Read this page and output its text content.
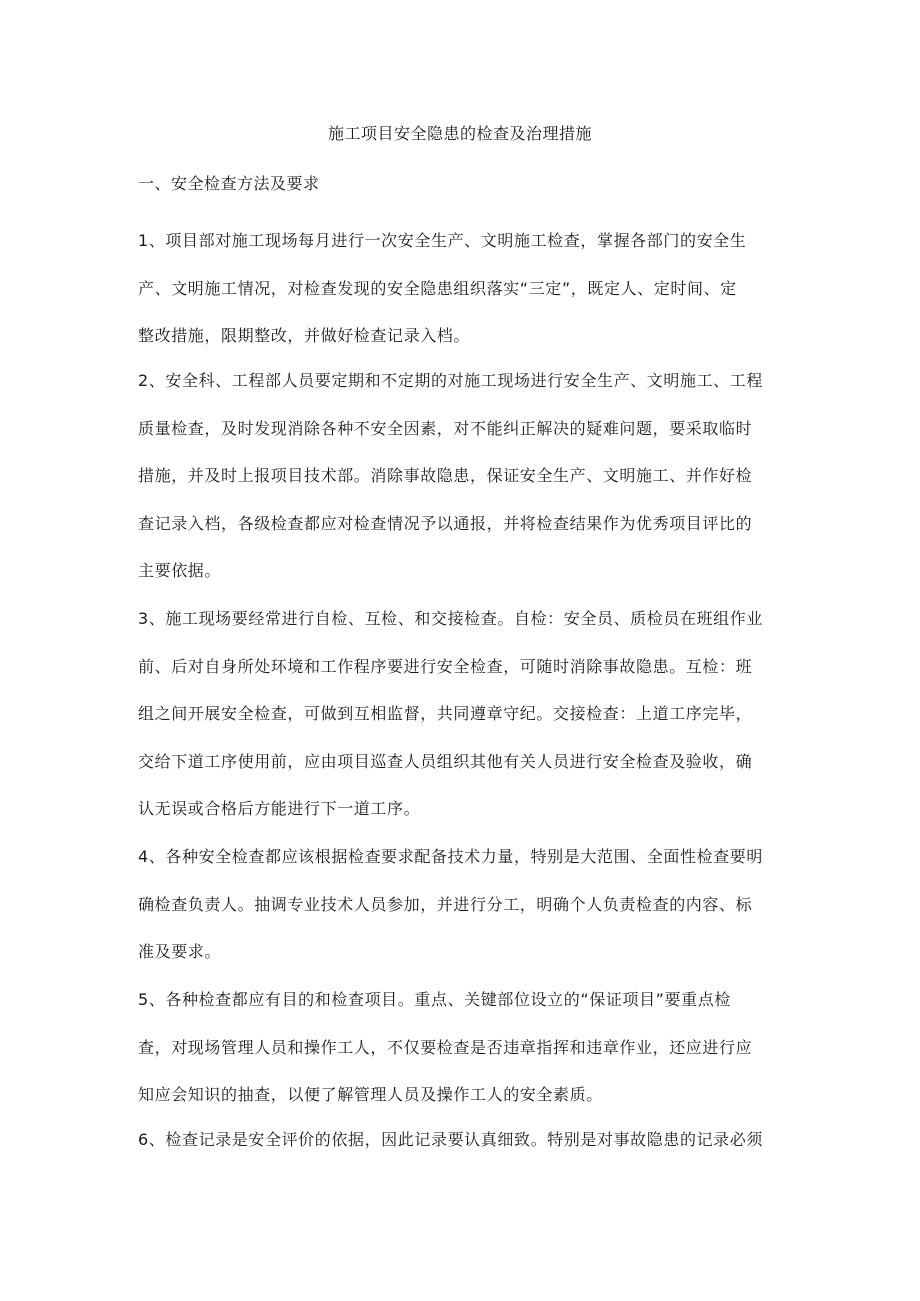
施工项目安全隐患的检查及治理措施
一、安全检查方法及要求

1、项目部对施工现场每月进行一次安全生产、文明施工检查，掌握各部门的安全生
产、文明施工情况，对检查发现的安全隐患组织落实“三定”，既定人、定时间、定
整改措施，限期整改，并做好检查记录入档。

2、安全科、工程部人员要定期和不定期的对施工现场进行安全生产、文明施工、工程
质量检查，及时发现消除各种不安全因素，对不能纠正解决的疑难问题，要采取临时
措施，并及时上报项目技术部。消除事故隐患，保证安全生产、文明施工、并作好检
查记录入档，各级检查都应对检查情况予以通报，并将检查结果作为优秀项目评比的
主要依据。

3、施工现场要经常进行自检、互检、和交接检查。自检：安全员、质检员在班组作业
前、后对自身所处环境和工作程序要进行安全检查，可随时消除事故隐患。互检：班
组之间开展安全检查，可做到互相监督，共同遵章守纪。交接检查：上道工序完毕，
交给下道工序使用前，应由项目巡查人员组织其他有关人员进行安全检查及验收，确
认无误或合格后方能进行下一道工序。

4、各种安全检查都应该根据检查要求配备技术力量，特别是大范围、全面性检查要明
确检查负责人。抽调专业技术人员参加，并进行分工，明确个人负责检查的内容、标
准及要求。

5、各种检查都应有目的和检查项目。重点、关键部位设立的“保证项目”要重点检
查，对现场管理人员和操作工人，不仅要检查是否违章指挥和违章作业，还应进行应
知应会知识的抽查，以便了解管理人员及操作工人的安全素质。

6、检查记录是安全评价的依据，因此记录要认真细致。特别是对事故隐患的记录必须
